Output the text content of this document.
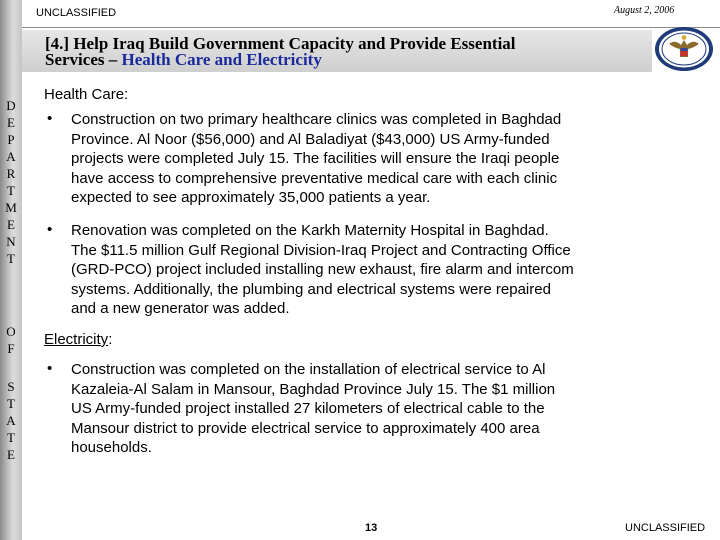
D
E
P
A
R
T
M
E
N
T
O
F
S
T
A
T
E
UNCLASSIFIED	August 2, 2006
[4.] Help Iraq Build Government Capacity and Provide Essential
Services – Health Care and Electricity
Health Care:
• Construction on two primary healthcare clinics was completed in Baghdad
Province. Al Noor ($56,000) and Al Baladiyat ($43,000) US Army-funded
projects were completed July 15. The facilities will ensure the Iraqi people
have access to comprehensive preventative medical care with each clinic
expected to see approximately 35,000 patients a year.
• Renovation was completed on the Karkh Maternity Hospital in Baghdad.
The $11.5 million Gulf Regional Division-Iraq Project and Contracting Office
(GRD-PCO) project included installing new exhaust, fire alarm and intercom
systems. Additionally, the plumbing and electrical systems were repaired
and a new generator was added.
Electricity:
• Construction was completed on the installation of electrical service to Al
Kazaleia-Al Salam in Mansour, Baghdad Province July 15. The $1 million
US Army-funded project installed 27 kilometers of electrical cable to the
Mansour district to provide electrical service to approximately 400 area
households.
13	UNCLASSIFIED
